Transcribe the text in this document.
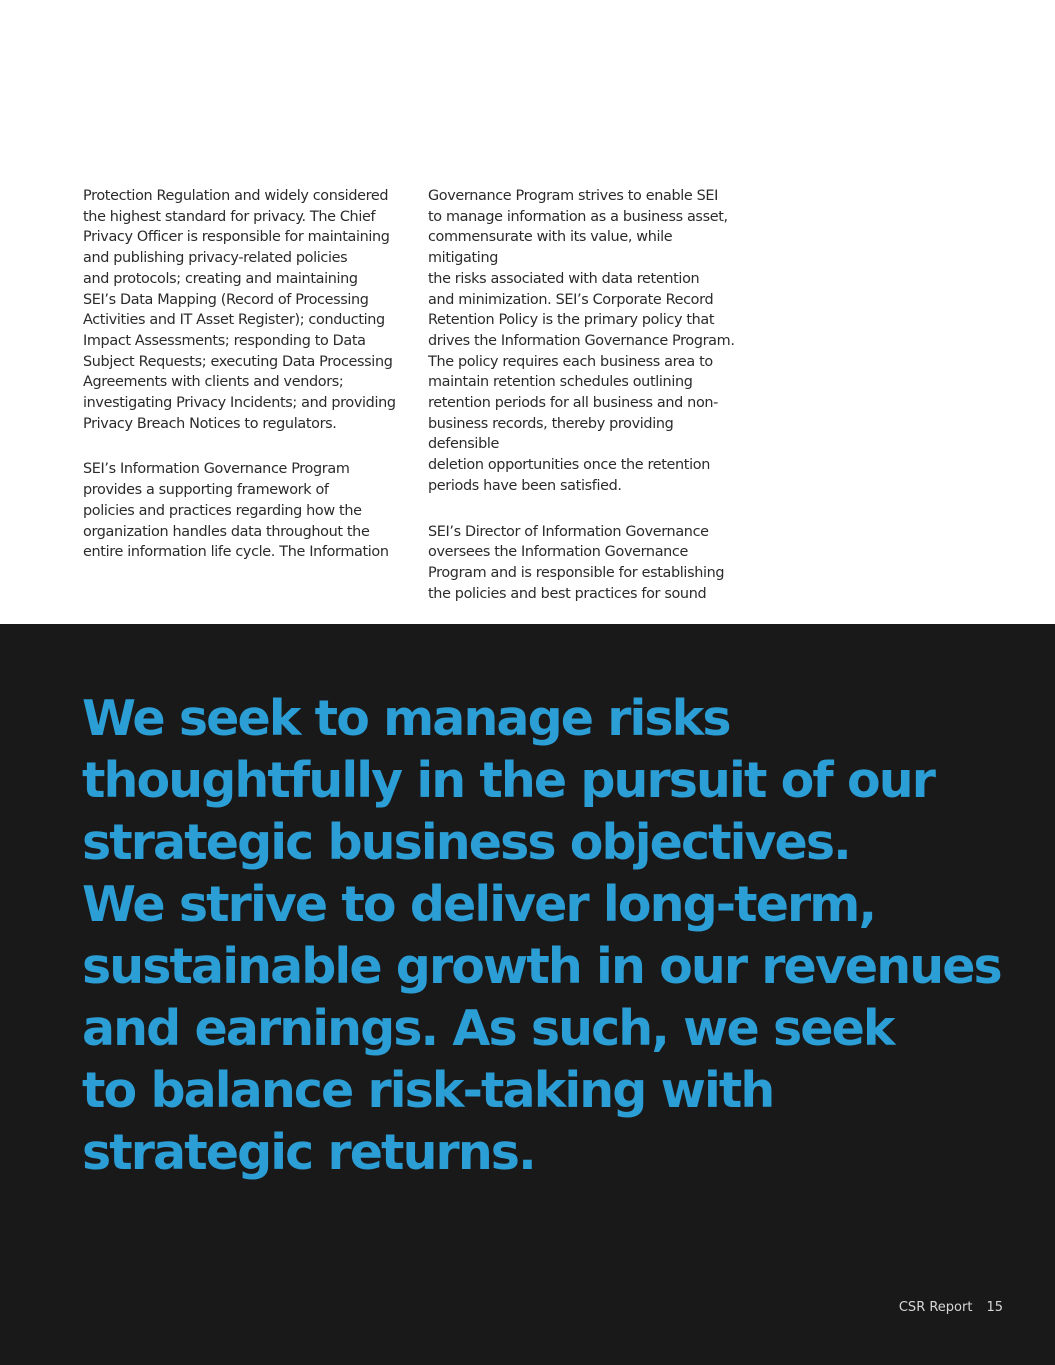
Protection Regulation and widely considered
the highest standard for privacy. The Chief
Privacy Officer is responsible for maintaining
and publishing privacy-related policies
and protocols; creating and maintaining
SEI’s Data Mapping (Record of Processing
Activities and IT Asset Register); conducting
Impact Assessments; responding to Data
Subject Requests; executing Data Processing
Agreements with clients and vendors;
investigating Privacy Incidents; and providing
Privacy Breach Notices to regulators.

SEI’s Information Governance Program
provides a supporting framework of
policies and practices regarding how the
organization handles data throughout the
entire information life cycle. The Information

Governance Program strives to enable SEI
to manage information as a business asset,
commensurate with its value, while mitigating
the risks associated with data retention
and minimization. SEI’s Corporate Record
Retention Policy is the primary policy that
drives the Information Governance Program.
The policy requires each business area to
maintain retention schedules outlining
retention periods for all business and non-
business records, thereby providing defensible
deletion opportunities once the retention
periods have been satisfied.

SEI’s Director of Information Governance
oversees the Information Governance
Program and is responsible for establishing
the policies and best practices for sound

We seek to manage risks
thoughtfully in the pursuit of our
strategic business objectives.
We strive to deliver long-term,
sustainable growth in our revenues
and earnings. As such, we seek
to balance risk-taking with
strategic returns.
CSR Report 15
